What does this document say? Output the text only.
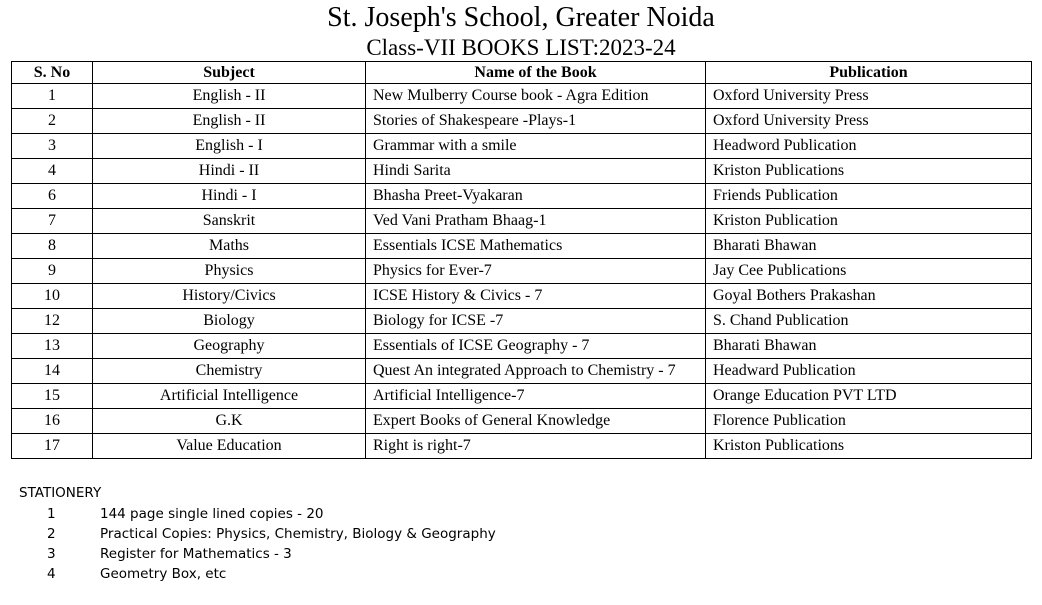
St. Joseph's School, Greater Noida
Class-VII BOOKS LIST:2023-24
S. No	Subject	Name of the Book	Publication
1	English - II	New Mulberry Course book - Agra Edition	Oxford University Press
2	English - II	Stories of Shakespeare -Plays-1	Oxford University Press
3	English - I	Grammar with a smile	Headword Publication
4	Hindi - II	Hindi Sarita	Kriston Publications
6	Hindi - I	Bhasha Preet-Vyakaran	Friends Publication
7	Sanskrit	Ved Vani Pratham Bhaag-1	Kriston Publication
8	Maths	Essentials ICSE Mathematics	Bharati Bhawan
9	Physics	Physics for Ever-7	Jay Cee Publications
10	History/Civics	ICSE History & Civics - 7	Goyal Bothers Prakashan
12	Biology	Biology for ICSE -7	S. Chand Publication
13	Geography	Essentials of ICSE Geography - 7	Bharati Bhawan
14	Chemistry	Quest An integrated Approach to Chemistry - 7	Headward Publication
15	Artificial Intelligence	Artificial Intelligence-7	Orange Education PVT LTD
16	G.K	Expert Books of General Knowledge	Florence Publication
17	Value Education	Right is right-7	Kriston Publications
STATIONERY
1	144 page single lined copies - 20
2	Practical Copies: Physics, Chemistry, Biology & Geography
3	Register for Mathematics - 3
4	Geometry Box, etc
